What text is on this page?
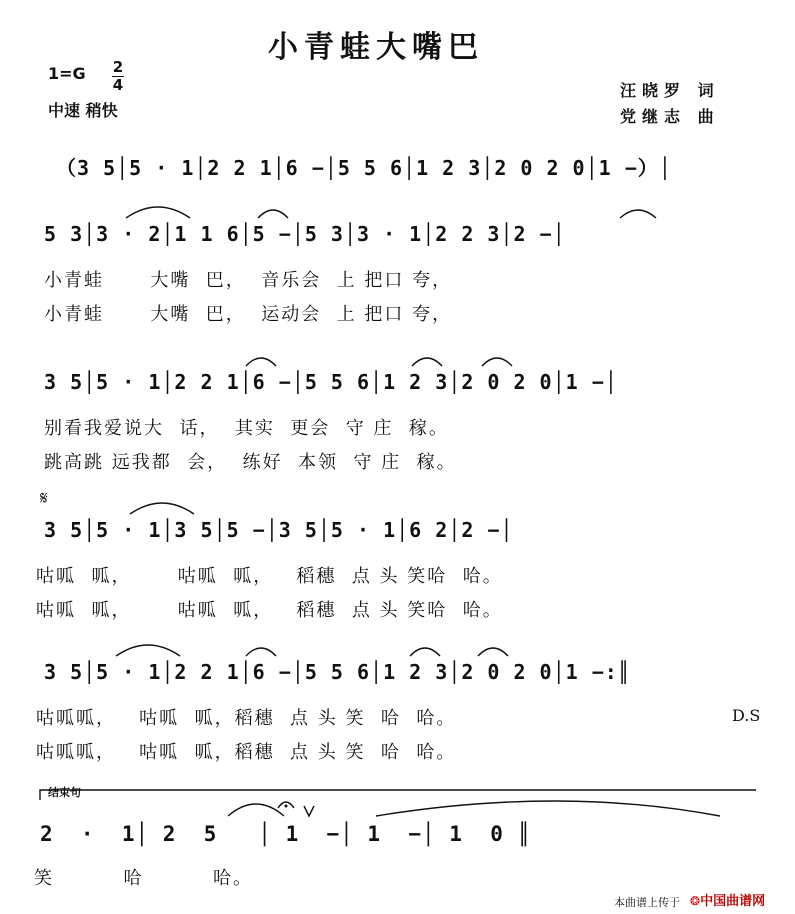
小青蛙大嘴巴
$1=G \frac{2}{4}$
中速 稍快
汪晓罗 词
党继志 曲
（3 5│5 · 1│2 2 1│6 −│5 5 6│1 2 3│2 0 2 0│1 −）│
5 3│3 · 2│1 1 6│5 −│5 3│3 · 1│2 2 3│2 −│
小青蛙      大嘴  巴，  音乐会  上 把口 夸，
小青蛙      大嘴  巴，  运动会  上 把口 夸，
3 5│5 · 1│2 2 1│6 −│5 5 6│1 2 3│2 0 2 0│1 −│
别看我爱说大  话，  其实  更会  守 庄  稼。
跳高跳 远我都  会，  练好  本领  守 庄  稼。
𝄋
3 5│5 · 1│3 5│5 −│3 5│5 · 1│6 2│2 −│
咕呱  呱，      咕呱  呱，   稻穗  点 头 笑哈  哈。
咕呱  呱，      咕呱  呱，   稻穗  点 头 笑哈  哈。
3 5│5 · 1│2 2 1│6 −│5 5 6│1 2 3│2 0 2 0│1 −:║
咕呱呱，   咕呱  呱，稻穗  点 头 笑  哈  哈。
咕呱呱，   咕呱  呱，稻穗  点 头 笑  哈  哈。
D.S
结束句
2  ·  1│ 2  5   │ 1  −│ 1  −│ 1  0 ║
笑         哈         哈。
本曲谱上传于 ❂中国曲谱网
